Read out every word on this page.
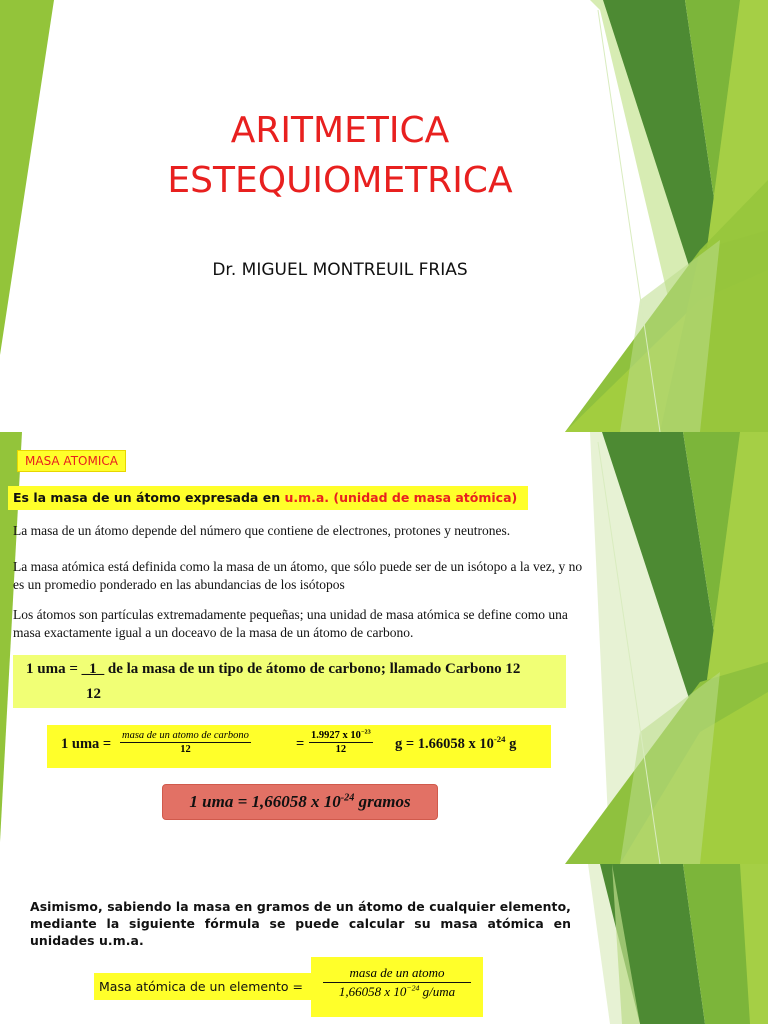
ARITMETICA
ESTEQUIOMETRICA
Dr. MIGUEL MONTREUIL FRIAS
MASA ATOMICA
Es la masa de un átomo expresada en u.m.a. (unidad de masa atómica)
La masa de un átomo depende del número que contiene de electrones, protones y neutrones.
La masa atómica está definida como la masa de un átomo, que sólo puede ser de un isótopo a la vez, y no es un promedio ponderado en las abundancias de los isótopos
Los átomos son partículas extremadamente pequeñas; una unidad de masa atómica se define como una masa exactamente igual a un doceavo de la masa de un átomo de carbono.
1 uma = _1_ de la masa de un tipo de átomo de carbono; llamado Carbono 12
12
1 uma =
masa de un atomo de carbono
12	= $\frac{1.9927 x 10^{-23}}{12}$ g = 1.66058 x $10^{-24}$ g
1 uma = 1,66058 x $10^{-24}$ gramos
Asimismo, sabiendo la masa en gramos de un átomo de cualquier elemento, mediante la siguiente fórmula se puede calcular su masa atómica en unidades u.m.a.
Masa atómica de un elemento =
masa de un atomo
1,66058 x $10^{-24}$ g/uma
